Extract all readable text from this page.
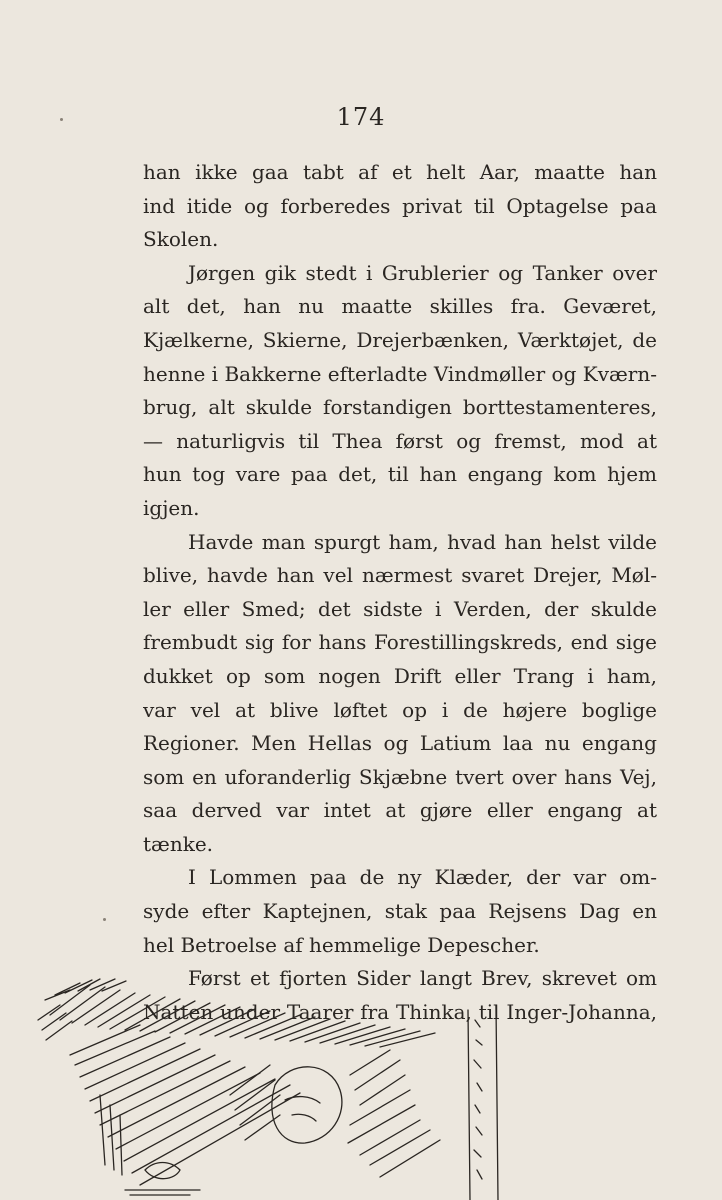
174
han ikke gaa tabt af et helt Aar, maatte han
ind itide og forberedes privat til Optagelse paa
Skolen.
Jørgen gik stedt i Grublerier og Tanker over
alt det, han nu maatte skilles fra. Geværet,
Kjælkerne, Skierne, Drejerbænken, Værktøjet, de
henne i Bakkerne efterladte Vindmøller og Kværn-
brug, alt skulde forstandigen borttestamenteres,
— naturligvis til Thea først og fremst, mod at
hun tog vare paa det, til han engang kom hjem
igjen.
Havde man spurgt ham, hvad han helst vilde
blive, havde han vel nærmest svaret Drejer, Møl-
ler eller Smed; det sidste i Verden, der skulde
frembudt sig for hans Forestillingskreds, end sige
dukket op som nogen Drift eller Trang i ham,
var vel at blive løftet op i de højere boglige
Regioner. Men Hellas og Latium laa nu engang
som en uforanderlig Skjæbne tvert over hans Vej,
saa derved var intet at gjøre eller engang at
tænke.
I Lommen paa de ny Klæder, der var om-
syde efter Kaptejnen, stak paa Rejsens Dag en
hel Betroelse af hemmelige Depescher.
Først et fjorten Sider langt Brev, skrevet om
Natten under Taarer fra Thinka, til Inger-Johanna,
